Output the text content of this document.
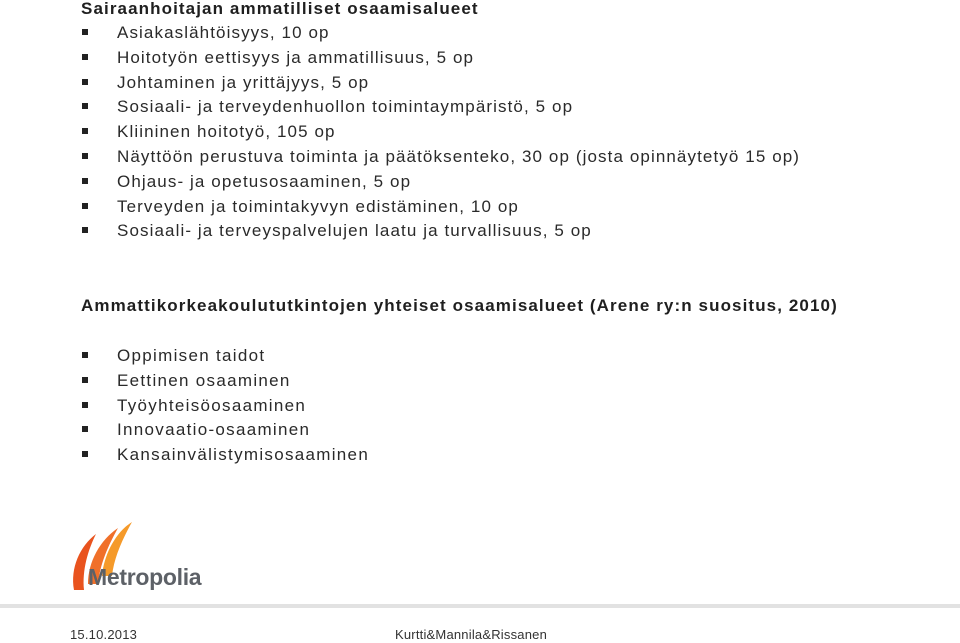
Sairaanhoitajan ammatilliset osaamisalueet
Asiakaslähtöisyys, 10 op
Hoitotyön eettisyys ja ammatillisuus, 5 op
Johtaminen ja yrittäjyys, 5 op
Sosiaali- ja terveydenhuollon toimintaympäristö, 5 op
Kliininen hoitotyö, 105 op
Näyttöön perustuva toiminta ja päätöksenteko, 30 op (josta opinnäytetyö 15 op)
Ohjaus- ja opetusosaaminen, 5 op
Terveyden ja toimintakyvyn edistäminen, 10 op
Sosiaali- ja terveyspalvelujen laatu ja turvallisuus, 5 op
Ammattikorkeakoulututkintojen yhteiset osaamisalueet (Arene ry:n suositus, 2010)
Oppimisen taidot
Eettinen osaaminen
Työyhteisöosaaminen
Innovaatio-osaaminen
Kansainvälistymisosaaminen
Metropolia
15.10.2013	Kurtti&Mannila&Rissanen
